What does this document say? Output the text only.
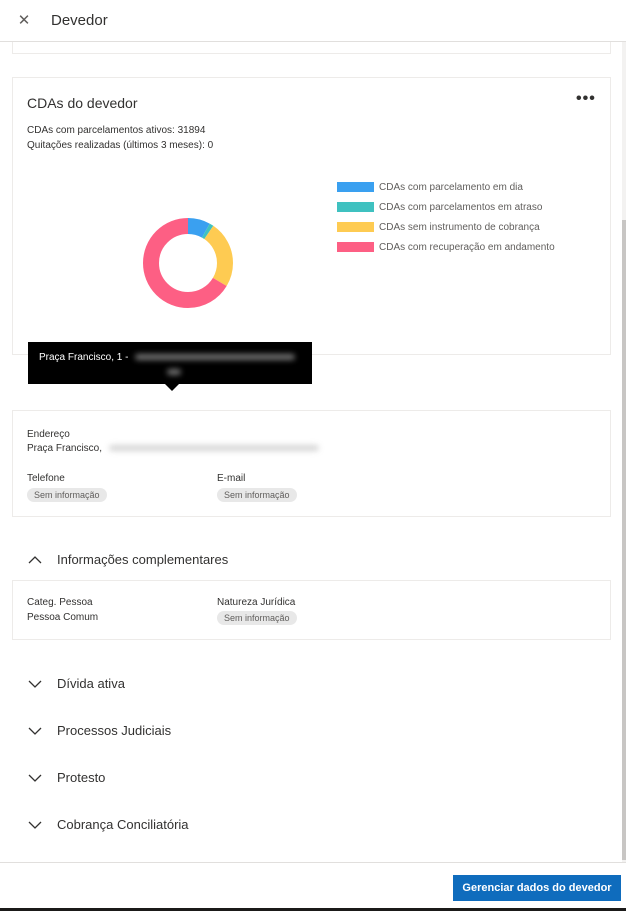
✕ Devedor
CDAs do devedor	•••
CDAs com parcelamentos ativos: 31894
Quitações realizadas (últimos 3 meses): 0
CDAs com parcelamento em dia
CDAs com parcelamentos em atraso
CDAs sem instrumento de cobrança
CDAs com recuperação em andamento
Endereço
Praça Francisco,
Telefone
Sem informação
E-mail
Sem informação
Informações complementares
Categ. Pessoa
Pessoa Comum
Natureza Jurídica
Sem informação
Dívida ativa
Processos Judiciais
Protesto
Cobrança Conciliatória
Praça Francisco, 1 -
Gerenciar dados do devedor
